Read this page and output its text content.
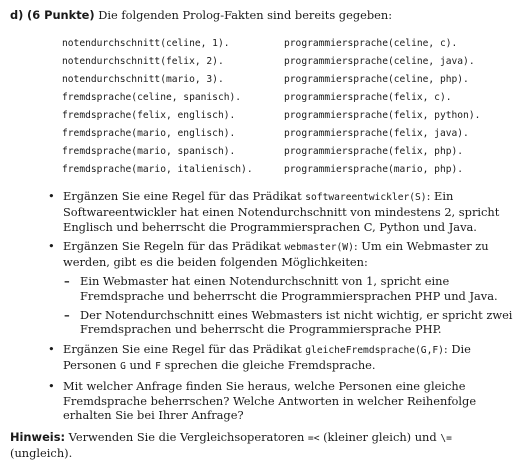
d) (6 Punkte) Die folgenden Prolog-Fakten sind bereits gegeben:
notendurchschnitt(celine, 1).	programmiersprache(celine, c).
notendurchschnitt(felix, 2).	programmiersprache(celine, java).
notendurchschnitt(mario, 3).	programmiersprache(celine, php).
fremdsprache(celine, spanisch).	programmiersprache(felix, c).
fremdsprache(felix, englisch).	programmiersprache(felix, python).
fremdsprache(mario, englisch).	programmiersprache(felix, java).
fremdsprache(mario, spanisch).	programmiersprache(felix, php).
fremdsprache(mario, italienisch).	programmiersprache(mario, php).
• Ergänzen Sie eine Regel für das Prädikat softwareentwickler(S): Ein Softwareentwickler hat einen Notendurchschnitt von mindestens 2, spricht Englisch und beherrscht die Programmiersprachen C, Python und Java.
• Ergänzen Sie Regeln für das Prädikat webmaster(W): Um ein Webmaster zu werden, gibt es die beiden folgenden Möglichkeiten:
– Ein Webmaster hat einen Notendurchschnitt von 1, spricht eine Fremdsprache und beherrscht die Programmiersprachen PHP und Java.
– Der Notendurchschnitt eines Webmasters ist nicht wichtig, er spricht zwei Fremdsprachen und beherrscht die Programmiersprache PHP.
• Ergänzen Sie eine Regel für das Prädikat gleicheFremdsprache(G,F): Die Personen G und F sprechen die gleiche Fremdsprache.
• Mit welcher Anfrage finden Sie heraus, welche Personen eine gleiche Fremdsprache beherrschen? Welche Antworten in welcher Reihenfolge erhalten Sie bei Ihrer Anfrage?
Hinweis: Verwenden Sie die Vergleichsoperatoren =< (kleiner gleich) und \= (ungleich).
